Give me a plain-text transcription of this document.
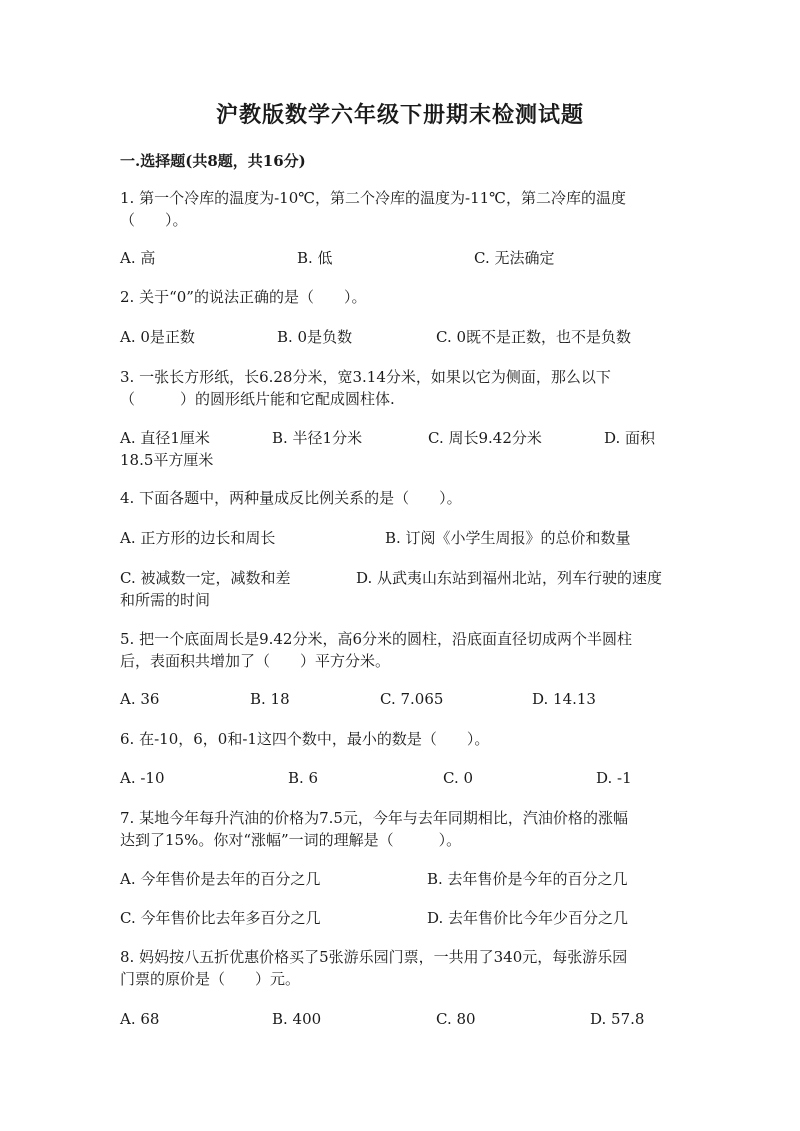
沪教版数学六年级下册期末检测试题
一.选择题(共8题，共16分)
1. 第一个冷库的温度为-10℃，第二个冷库的温度为-11℃，第二冷库的温度
（　　）。
A. 高	B. 低	C. 无法确定
2. 关于“0”的说法正确的是（　　）。
A. 0是正数	B. 0是负数	C. 0既不是正数，也不是负数
3. 一张长方形纸，长6.28分米，宽3.14分米，如果以它为侧面，那么以下
（　　　）的圆形纸片能和它配成圆柱体.
A. 直径1厘米	B. 半径1分米	C. 周长9.42分米	D. 面积
18.5平方厘米
4. 下面各题中，两种量成反比例关系的是（　　）。
A. 正方形的边长和周长	B. 订阅《小学生周报》的总价和数量
C. 被减数一定，减数和差	D. 从武夷山东站到福州北站，列车行驶的速度
和所需的时间
5. 把一个底面周长是9.42分米，高6分米的圆柱，沿底面直径切成两个半圆柱
后，表面积共增加了（　　）平方分米。
A. 36	B. 18	C. 7.065	D. 14.13
6. 在-10，6，0和-1这四个数中，最小的数是（　　）。
A. -10	B. 6	C. 0	D. -1
7. 某地今年每升汽油的价格为7.5元，今年与去年同期相比，汽油价格的涨幅
达到了15%。你对“涨幅”一词的理解是（　　　）。
A. 今年售价是去年的百分之几	B. 去年售价是今年的百分之几
C. 今年售价比去年多百分之几	D. 去年售价比今年少百分之几
8. 妈妈按八五折优惠价格买了5张游乐园门票，一共用了340元，每张游乐园
门票的原价是（　　）元。
A. 68	B. 400	C. 80	D. 57.8
